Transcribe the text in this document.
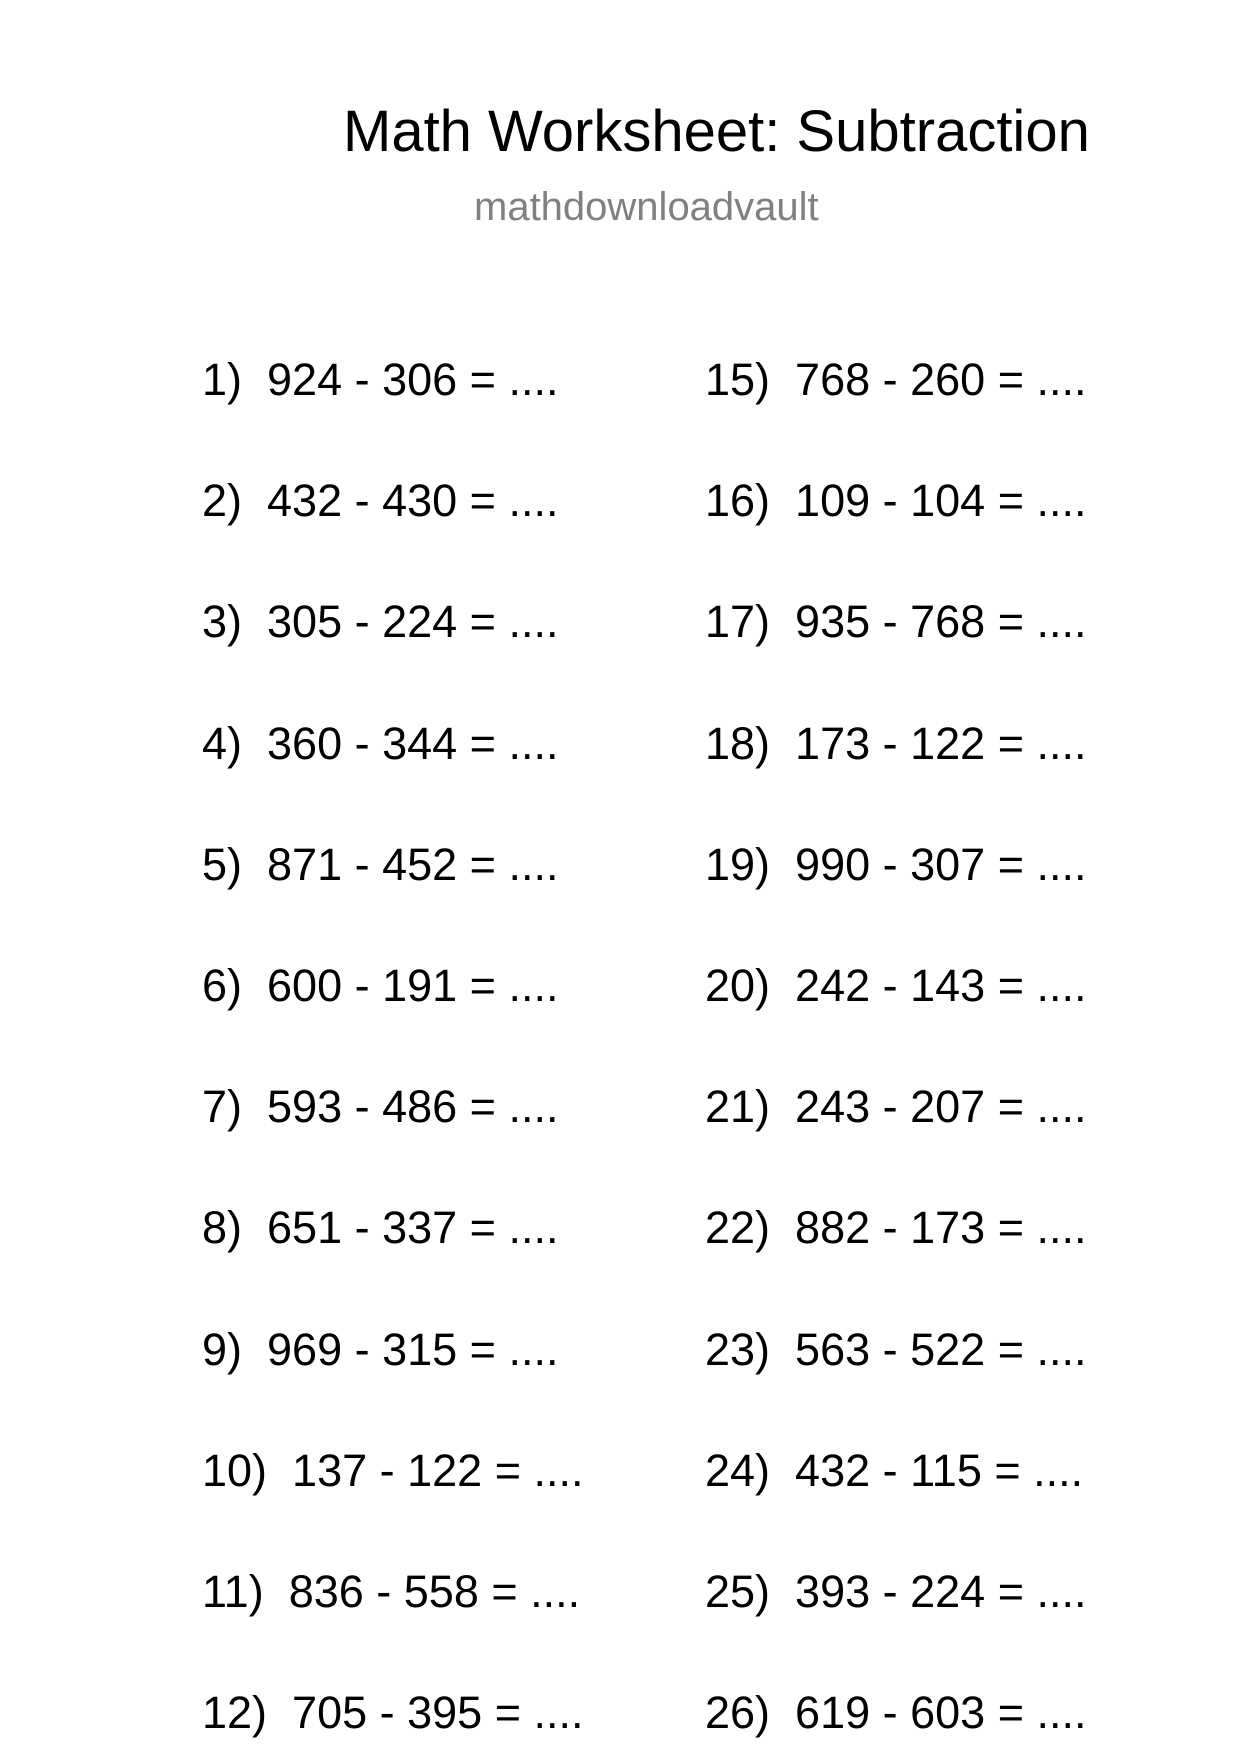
Math Worksheet: Subtraction
mathdownloadvault
1)  924 - 306 = ....
2)  432 - 430 = ....
3)  305 - 224 = ....
4)  360 - 344 = ....
5)  871 - 452 = ....
6)  600 - 191 = ....
7)  593 - 486 = ....
8)  651 - 337 = ....
9)  969 - 315 = ....
10)  137 - 122 = ....
11)  836 - 558 = ....
12)  705 - 395 = ....
15)  768 - 260 = ....
16)  109 - 104 = ....
17)  935 - 768 = ....
18)  173 - 122 = ....
19)  990 - 307 = ....
20)  242 - 143 = ....
21)  243 - 207 = ....
22)  882 - 173 = ....
23)  563 - 522 = ....
24)  432 - 115 = ....
25)  393 - 224 = ....
26)  619 - 603 = ....
